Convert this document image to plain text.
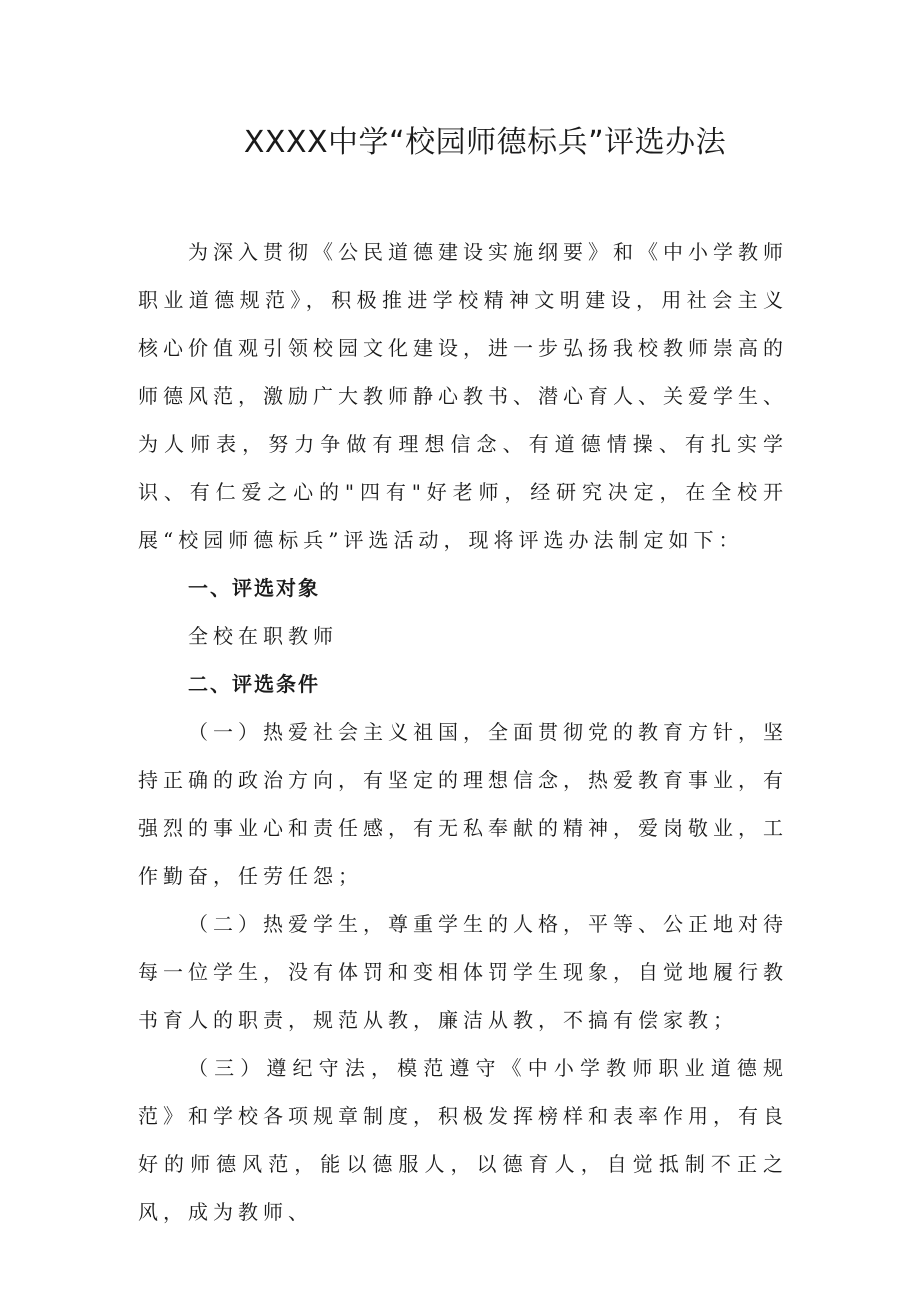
XXXX中学“校园师德标兵”评选办法
为深入贯彻《公民道德建设实施纲要》和《中小学教师职业道德规范》，积极推进学校精神文明建设，用社会主义核心价值观引领校园文化建设，进一步弘扬我校教师崇高的师德风范，激励广大教师静心教书、潜心育人、关爱学生、为人师表，努力争做有理想信念、有道德情操、有扎实学识、有仁爱之心的"四有"好老师，经研究决定，在全校开展“校园师德标兵”评选活动，现将评选办法制定如下：
一、评选对象
全校在职教师
二、评选条件
（一）热爱社会主义祖国，全面贯彻党的教育方针，坚持正确的政治方向，有坚定的理想信念，热爱教育事业，有强烈的事业心和责任感，有无私奉献的精神，爱岗敬业，工作勤奋，任劳任怨；
（二）热爱学生，尊重学生的人格，平等、公正地对待每一位学生，没有体罚和变相体罚学生现象，自觉地履行教书育人的职责，规范从教，廉洁从教，不搞有偿家教；
（三）遵纪守法，模范遵守《中小学教师职业道德规范》和学校各项规章制度，积极发挥榜样和表率作用，有良好的师德风范，能以德服人，以德育人，自觉抵制不正之风，成为教师、
